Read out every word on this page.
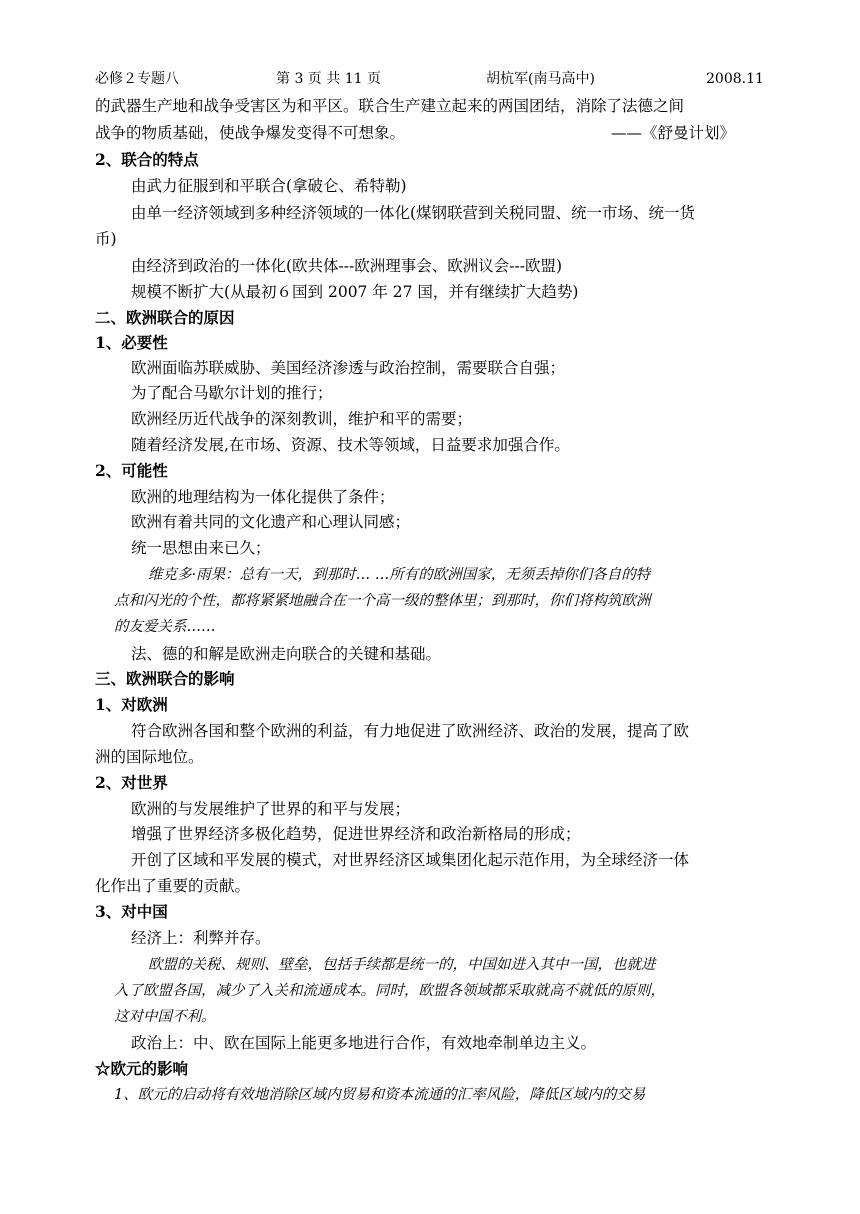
必修２专题八	第 3 页 共 11 页	胡杭军(南马高中)	2008.11
的武器生产地和战争受害区为和平区。联合生产建立起来的两国团结，消除了法德之间
战争的物质基础，使战争爆发变得不可想象。	——《舒曼计划》
2、联合的特点
由武力征服到和平联合(拿破仑、希特勒)
由单一经济领域到多种经济领域的一体化(煤钢联营到关税同盟、统一市场、统一货
币)
由经济到政治的一体化(欧共体---欧洲理事会、欧洲议会---欧盟)
规模不断扩大(从最初６国到 2007 年 27 国，并有继续扩大趋势)
二、欧洲联合的原因
1、必要性
欧洲面临苏联威胁、美国经济渗透与政治控制，需要联合自强；
为了配合马歇尔计划的推行；
欧洲经历近代战争的深刻教训，维护和平的需要；
随着经济发展,在市场、资源、技术等领域，日益要求加强合作。
2、可能性
欧洲的地理结构为一体化提供了条件；
欧洲有着共同的文化遗产和心理认同感；
统一思想由来已久；
维克多·雨果：总有一天，到那时… …所有的欧洲国家，无须丢掉你们各自的特
点和闪光的个性，都将紧紧地融合在一个高一级的整体里；到那时，你们将构筑欧洲
的友爱关系……
法、德的和解是欧洲走向联合的关键和基础。
三、欧洲联合的影响
1、对欧洲
符合欧洲各国和整个欧洲的利益，有力地促进了欧洲经济、政治的发展，提高了欧
洲的国际地位。
2、对世界
欧洲的与发展维护了世界的和平与发展；
增强了世界经济多极化趋势，促进世界经济和政治新格局的形成；
开创了区域和平发展的模式，对世界经济区域集团化起示范作用，为全球经济一体
化作出了重要的贡献。
3、对中国
经济上：利弊并存。
欧盟的关税、规则、壁垒，包括手续都是统一的，中国如进入其中一国，也就进
入了欧盟各国，减少了入关和流通成本。同时，欧盟各领域都采取就高不就低的原则，
这对中国不利。
政治上：中、欧在国际上能更多地进行合作，有效地牵制单边主义。
☆欧元的影响
1、欧元的启动将有效地消除区域内贸易和资本流通的汇率风险，降低区域内的交易
